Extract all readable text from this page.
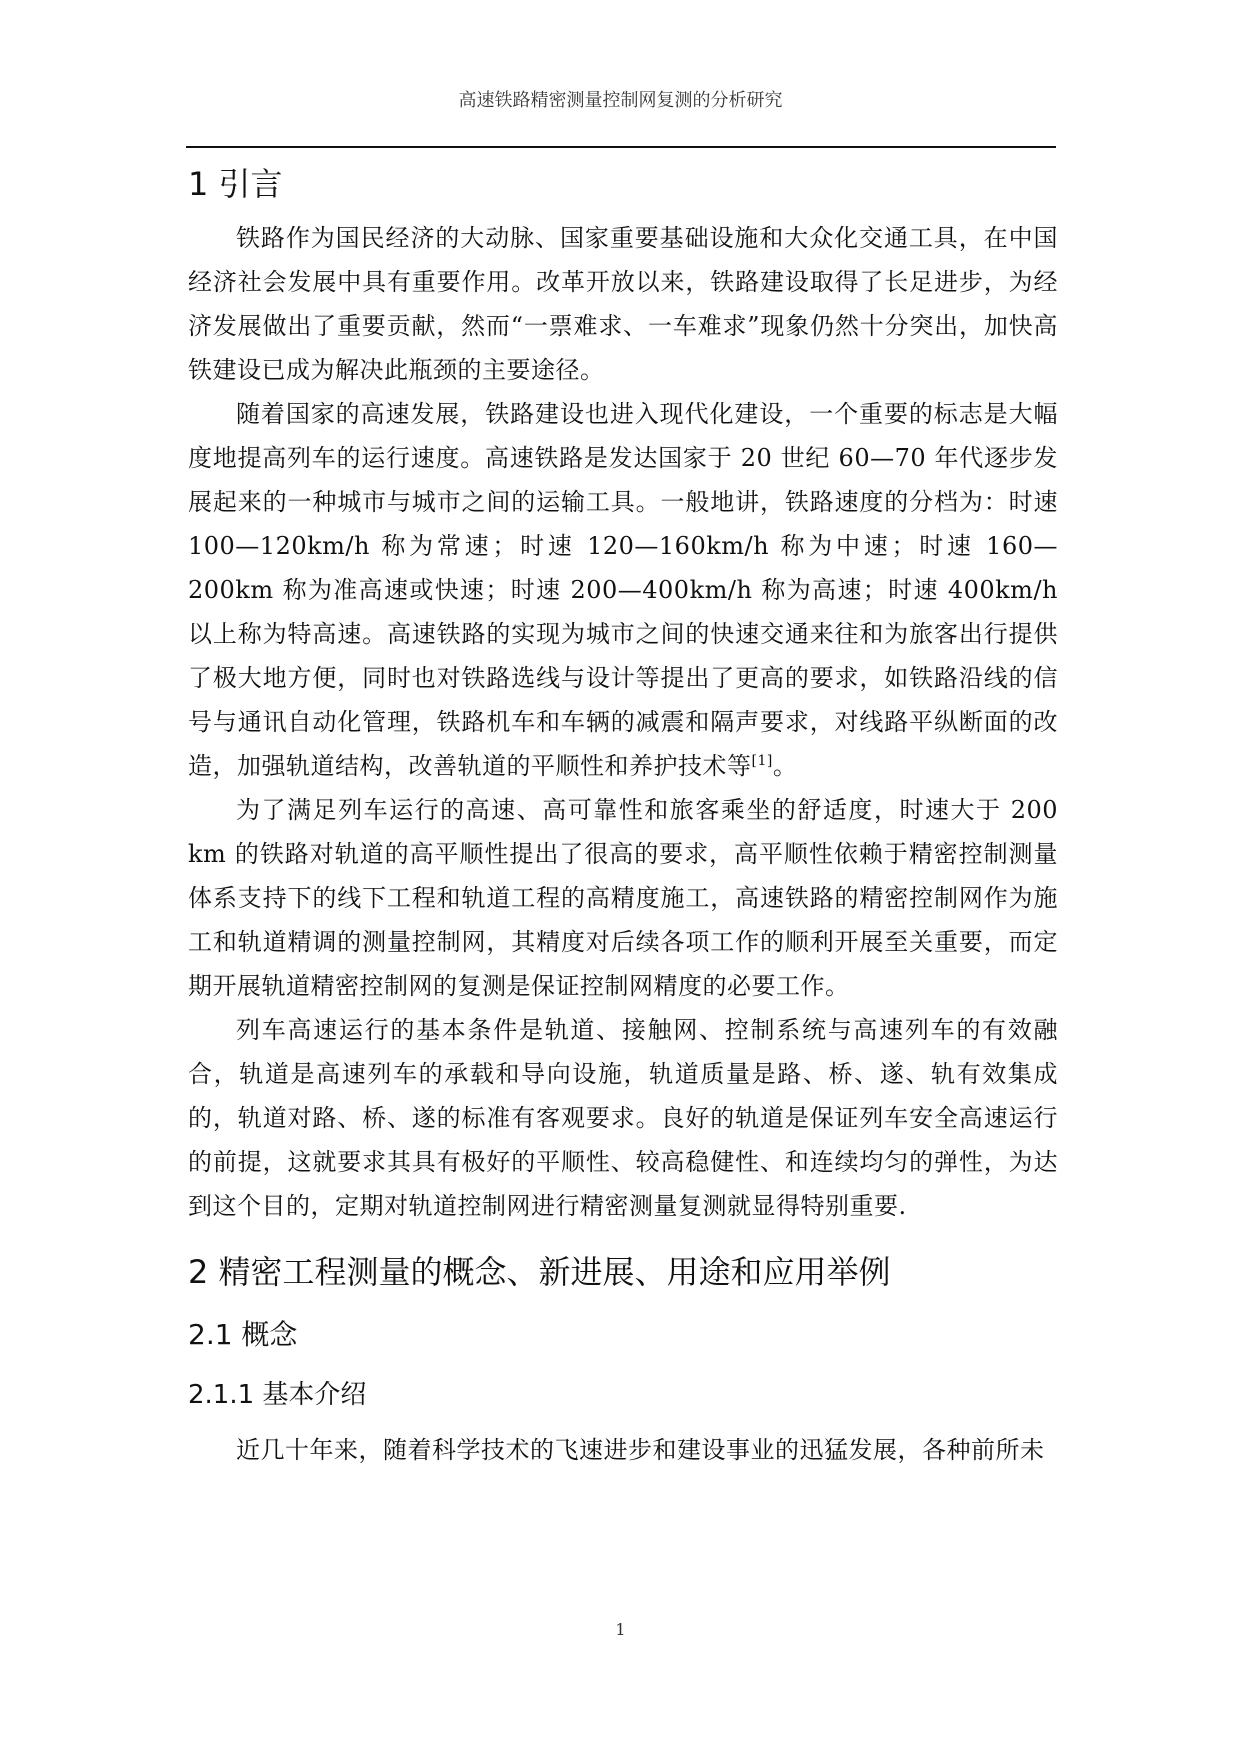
高速铁路精密测量控制网复测的分析研究
1 引言

铁路作为国民经济的大动脉、国家重要基础设施和大众化交通工具，在中国经济社会发展中具有重要作用。改革开放以来，铁路建设取得了长足进步，为经济发展做出了重要贡献，然而“一票难求、一车难求”现象仍然十分突出，加快高铁建设已成为解决此瓶颈的主要途径。

随着国家的高速发展，铁路建设也进入现代化建设，一个重要的标志是大幅度地提高列车的运行速度。高速铁路是发达国家于 20 世纪 60—70 年代逐步发展起来的一种城市与城市之间的运输工具。一般地讲，铁路速度的分档为：时速 100—120km/h 称为常速；时速 120—160km/h 称为中速；时速 160—200km 称为准高速或快速；时速 200—400km/h 称为高速；时速 400km/h 以上称为特高速。高速铁路的实现为城市之间的快速交通来往和为旅客出行提供了极大地方便，同时也对铁路选线与设计等提出了更高的要求，如铁路沿线的信号与通讯自动化管理，铁路机车和车辆的减震和隔声要求，对线路平纵断面的改造，加强轨道结构，改善轨道的平顺性和养护技术等[1]。

为了满足列车运行的高速、高可靠性和旅客乘坐的舒适度，时速大于 200 km 的铁路对轨道的高平顺性提出了很高的要求，高平顺性依赖于精密控制测量体系支持下的线下工程和轨道工程的高精度施工，高速铁路的精密控制网作为施工和轨道精调的测量控制网，其精度对后续各项工作的顺利开展至关重要，而定期开展轨道精密控制网的复测是保证控制网精度的必要工作。

列车高速运行的基本条件是轨道、接触网、控制系统与高速列车的有效融合，轨道是高速列车的承载和导向设施，轨道质量是路、桥、遂、轨有效集成的，轨道对路、桥、遂的标准有客观要求。良好的轨道是保证列车安全高速运行的前提，这就要求其具有极好的平顺性、较高稳健性、和连续均匀的弹性，为达到这个目的，定期对轨道控制网进行精密测量复测就显得特别重要.

2 精密工程测量的概念、新进展、用途和应用举例
2.1 概念
2.1.1 基本介绍

近几十年来，随着科学技术的飞速进步和建设事业的迅猛发展，各种前所未

1
